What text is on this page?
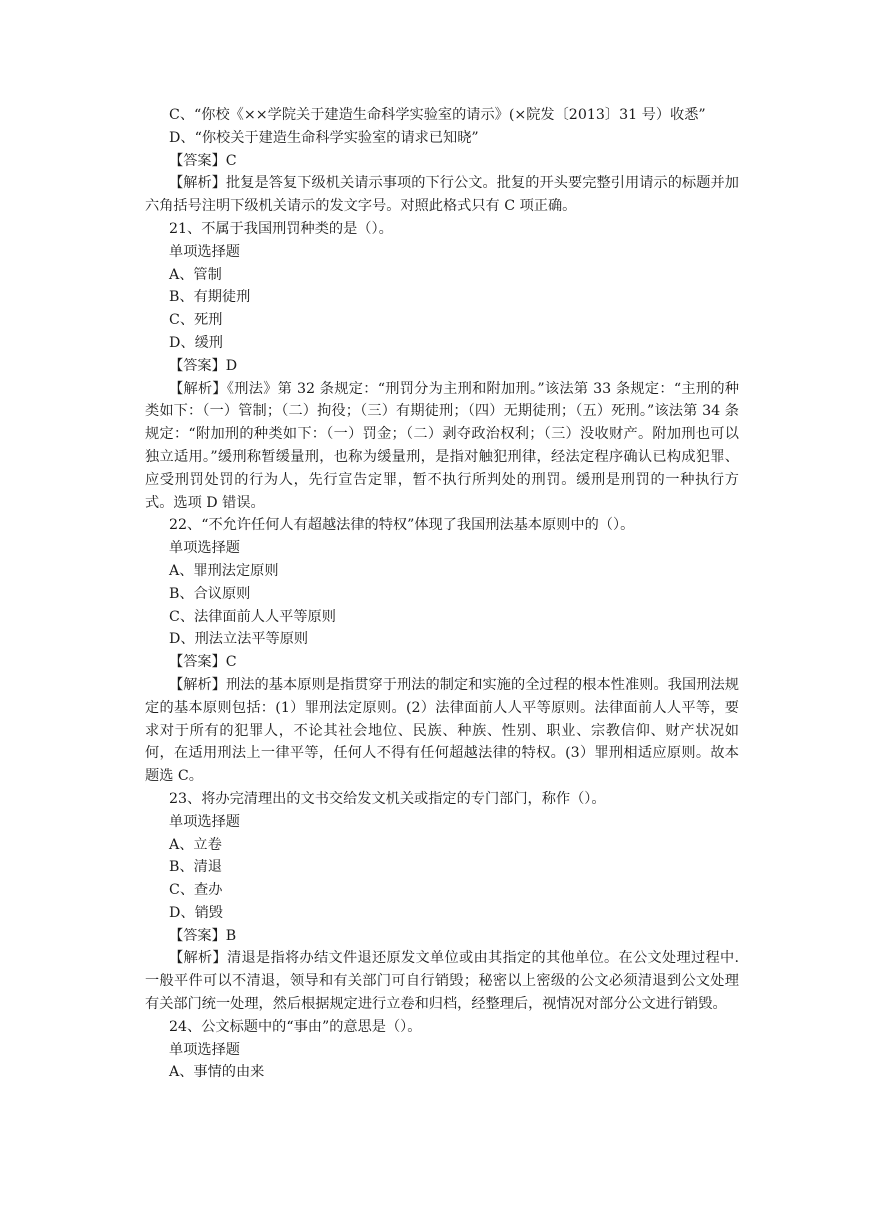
C、“你校《××学院关于建造生命科学实验室的请示》(×院发〔2013〕31 号）收悉”
D、“你校关于建造生命科学实验室的请求已知晓”
【答案】C

【解析】批复是答复下级机关请示事项的下行公文。批复的开头要完整引用请示的标题并加六角括号注明下级机关请示的发文字号。对照此格式只有 C 项正确。

21、不属于我国刑罚种类的是（）。
单项选择题
A、管制
B、有期徒刑
C、死刑
D、缓刑
【答案】D

【解析】《刑法》第 32 条规定：“刑罚分为主刑和附加刑。”该法第 33 条规定：“主刑的种类如下：（一）管制；（二）拘役；（三）有期徒刑；（四）无期徒刑；（五）死刑。”该法第 34 条规定：“附加刑的种类如下：（一）罚金；（二）剥夺政治权利；（三）没收财产。附加刑也可以独立适用。”缓刑称暂缓量刑，也称为缓量刑，是指对触犯刑律，经法定程序确认已构成犯罪、应受刑罚处罚的行为人，先行宣告定罪，暂不执行所判处的刑罚。缓刑是刑罚的一种执行方式。选项 D 错误。

22、“不允许任何人有超越法律的特权”体现了我国刑法基本原则中的（）。
单项选择题
A、罪刑法定原则
B、合议原则
C、法律面前人人平等原则
D、刑法立法平等原则
【答案】C

【解析】刑法的基本原则是指贯穿于刑法的制定和实施的全过程的根本性准则。我国刑法规定的基本原则包括：(1）罪刑法定原则。(2）法律面前人人平等原则。法律面前人人平等，要求对于所有的犯罪人，不论其社会地位、民族、种族、性别、职业、宗教信仰、财产状况如何，在适用刑法上一律平等，任何人不得有任何超越法律的特权。(3）罪刑相适应原则。故本题选 C。

23、将办完清理出的文书交给发文机关或指定的专门部门，称作（）。
单项选择题
A、立卷
B、清退
C、查办
D、销毁
【答案】B

【解析】清退是指将办结文件退还原发文单位或由其指定的其他单位。在公文处理过程中.一般平件可以不清退，领导和有关部门可自行销毁；秘密以上密级的公文必须清退到公文处理有关部门统一处理，然后根据规定进行立卷和归档，经整理后，视情况对部分公文进行销毁。

24、公文标题中的“事由”的意思是（）。
单项选择题
A、事情的由来
